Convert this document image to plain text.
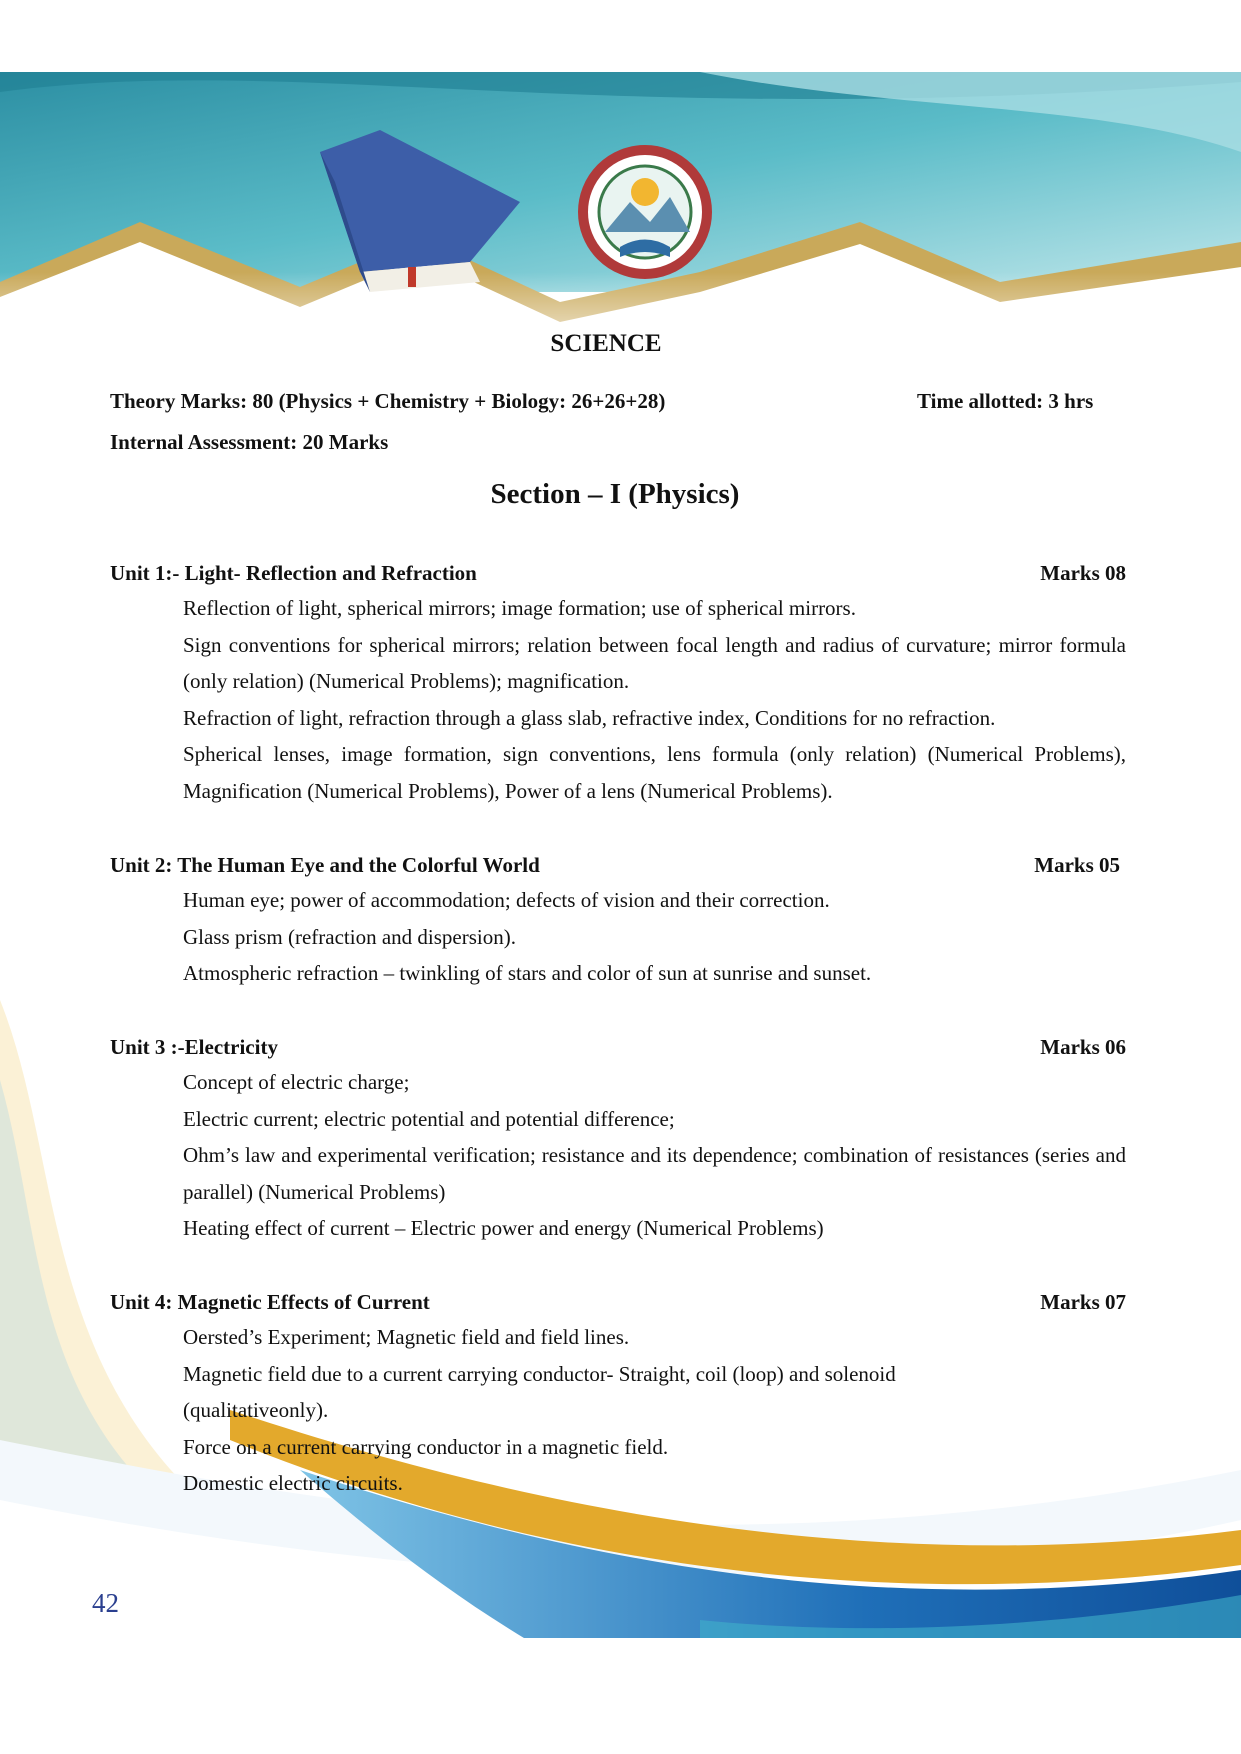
SCIENCE
Theory Marks: 80 (Physics + Chemistry + Biology: 26+26+28)	Time allotted: 3 hrs
Internal Assessment: 20 Marks
Section – I (Physics)
Unit 1:- Light- Reflection and Refraction	Marks 08

Reflection of light, spherical mirrors; image formation; use of spherical mirrors.

Sign conventions for spherical mirrors; relation between focal length and radius of curvature; mirror formula (only relation) (Numerical Problems); magnification.

Refraction of light, refraction through a glass slab, refractive index, Conditions for no refraction.

Spherical lenses, image formation, sign conventions, lens formula (only relation) (Numerical Problems), Magnification (Numerical Problems), Power of a lens (Numerical Problems).

Unit 2: The Human Eye and the Colorful World	Marks 05

Human eye; power of accommodation; defects of vision and their correction.

Glass prism (refraction and dispersion).

Atmospheric refraction – twinkling of stars and color of sun at sunrise and sunset.

Unit 3 :-Electricity	Marks 06

Concept of electric charge;

Electric current; electric potential and potential difference;

Ohm’s law and experimental verification; resistance and its dependence; combination of resistances (series and parallel) (Numerical Problems)

Heating effect of current – Electric power and energy (Numerical Problems)

Unit 4: Magnetic Effects of Current	Marks 07

Oersted’s Experiment; Magnetic field and field lines.

Magnetic field due to a current carrying conductor- Straight, coil (loop) and solenoid (qualitativeonly).

Force on a current carrying conductor in a magnetic field.

Domestic electric circuits.

42
